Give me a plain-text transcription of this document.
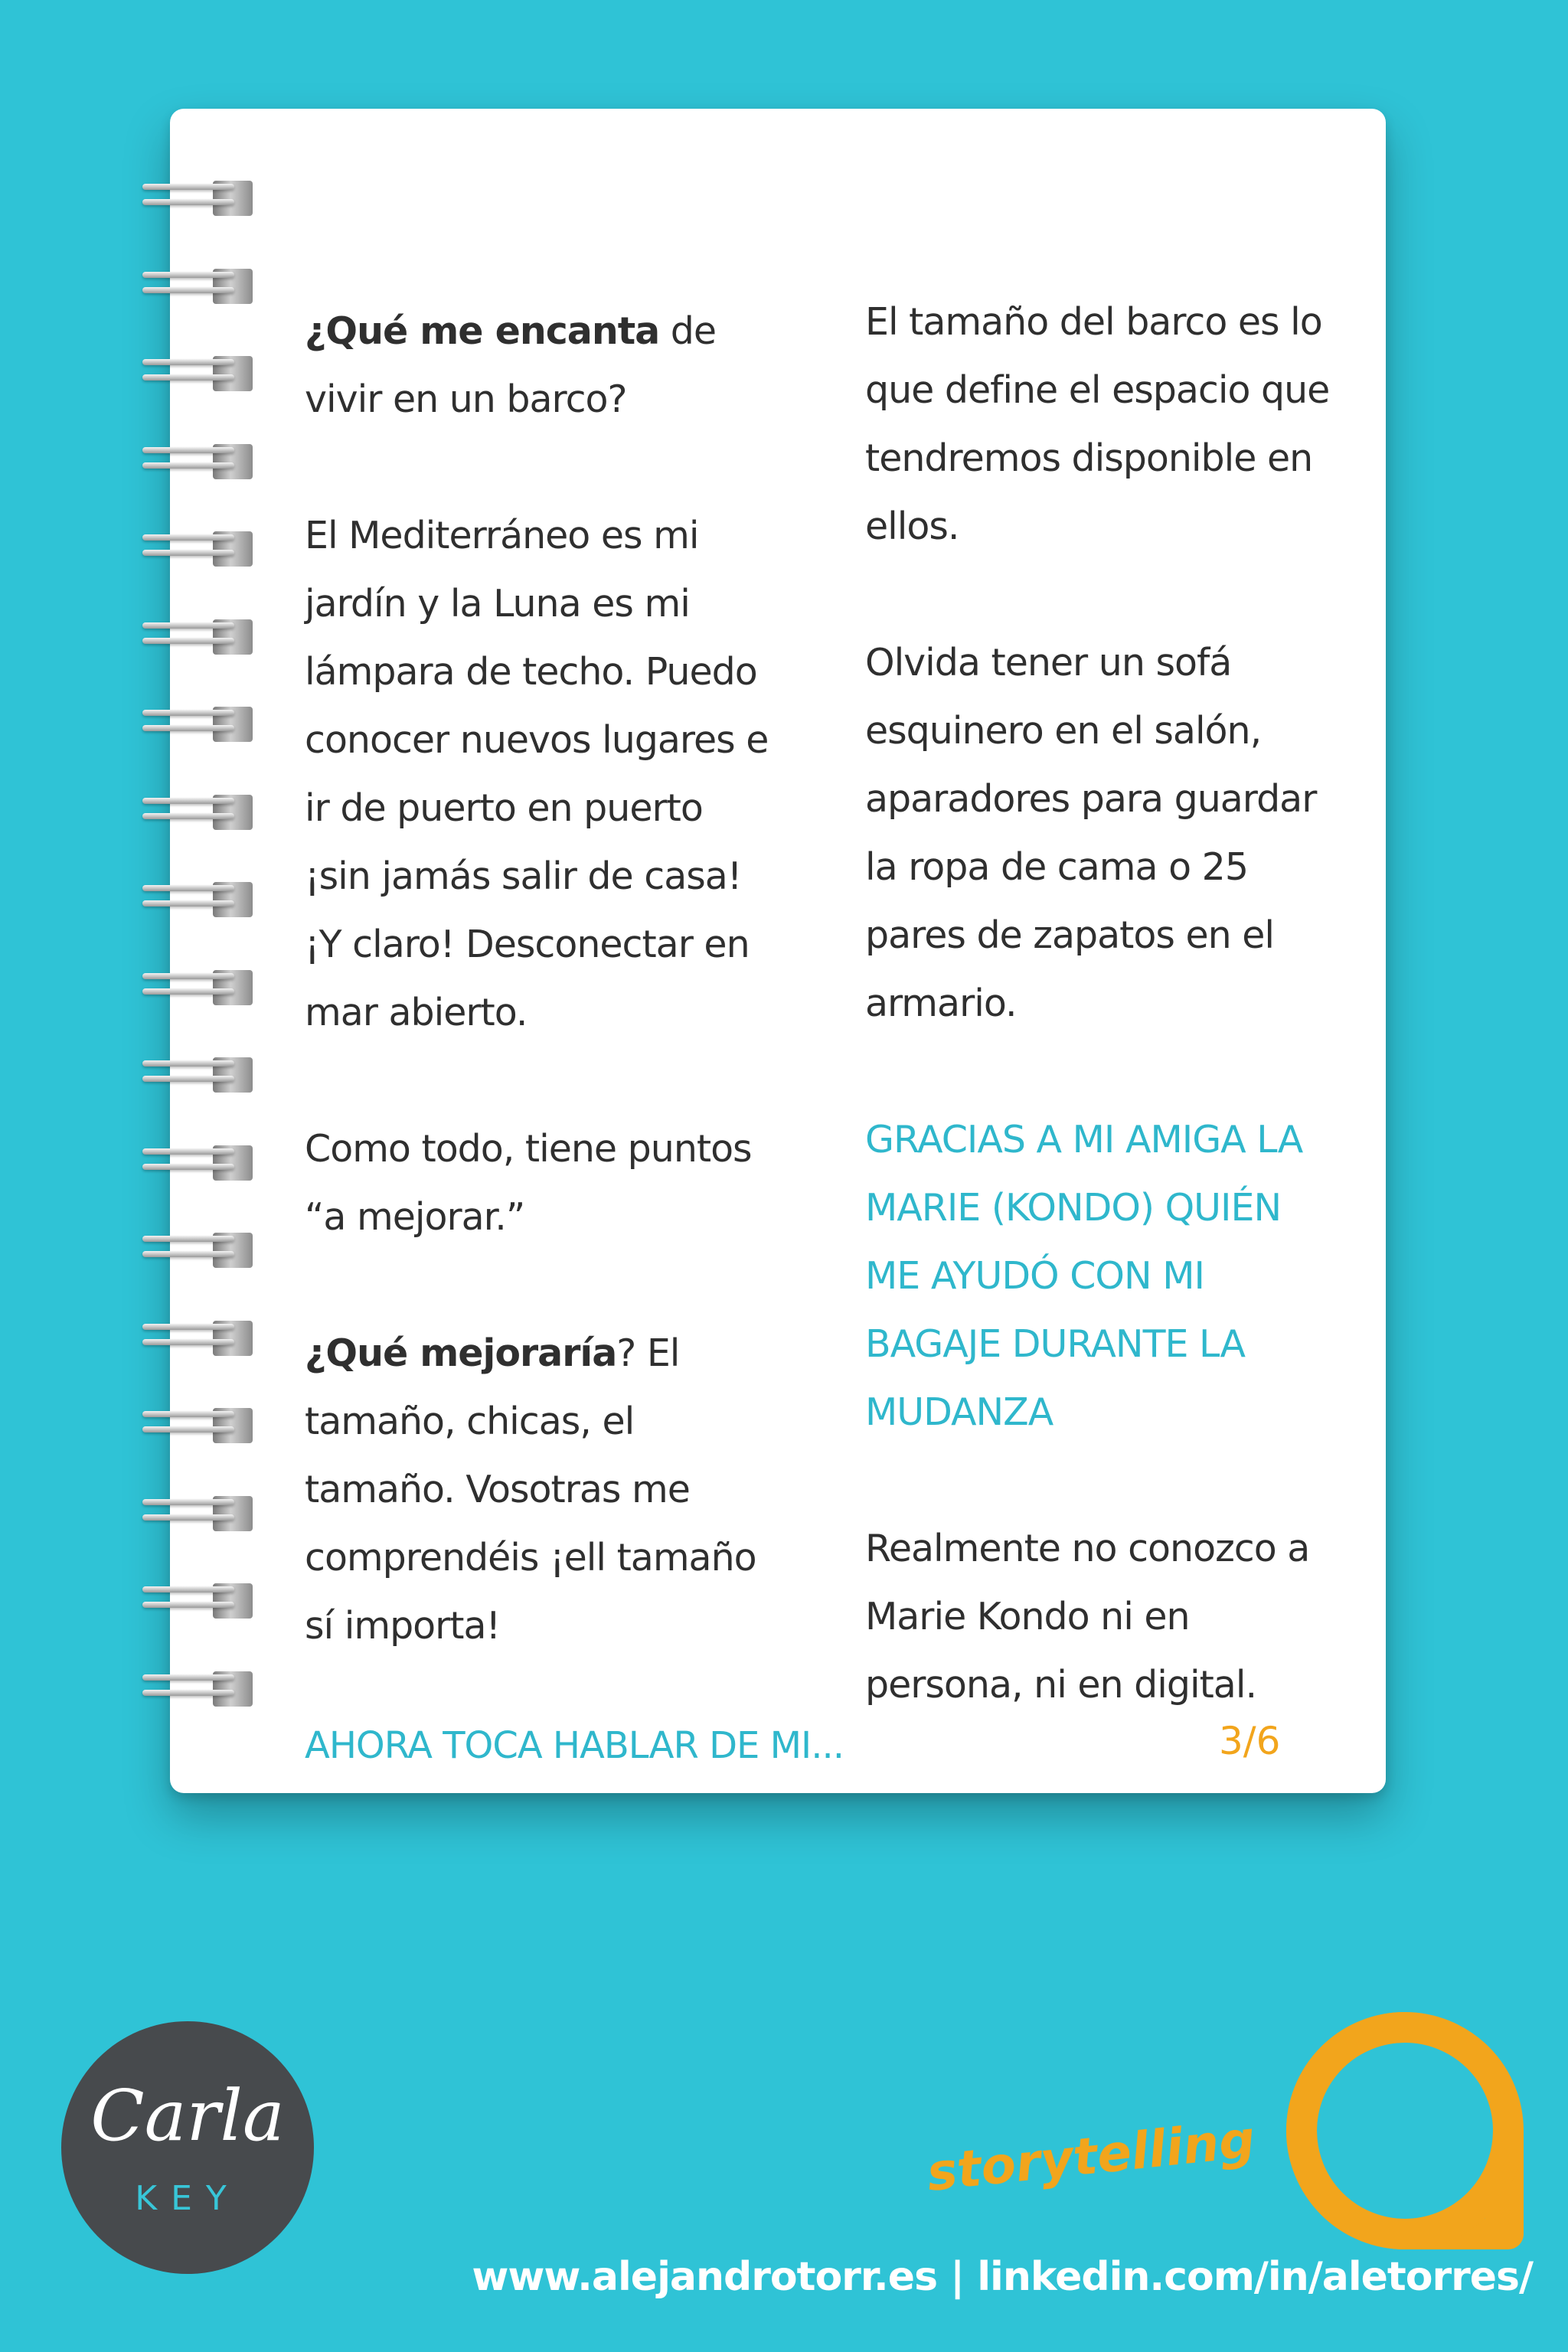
¿Qué me encanta de vivir en un barco?

El Mediterráneo es mi jardín y la Luna es mi lámpara de techo. Puedo conocer nuevos lugares e ir de puerto en puerto ¡sin jamás salir de casa! ¡Y claro! Desconectar en mar abierto.

Como todo, tiene puntos “a mejorar.”

¿Qué mejoraría? El tamaño, chicas, el tamaño. Vosotras me comprendéis ¡ell tamaño sí importa!

El tamaño del barco es lo que define el espacio que tendremos disponible en ellos.

Olvida tener un sofá esquinero en el salón, aparadores para guardar la ropa de cama o 25 pares de zapatos en el armario.

GRACIAS A MI AMIGA LA MARIE (KONDO) QUIÉN ME AYUDÓ CON MI BAGAJE DURANTE LA MUDANZA

Realmente no conozco a Marie Kondo ni en persona, ni en digital.

AHORA TOCA HABLAR DE MI...	3/6
Carla
KEY	storytelling
www.alejandrotorr.es | linkedin.com/in/aletorres/
